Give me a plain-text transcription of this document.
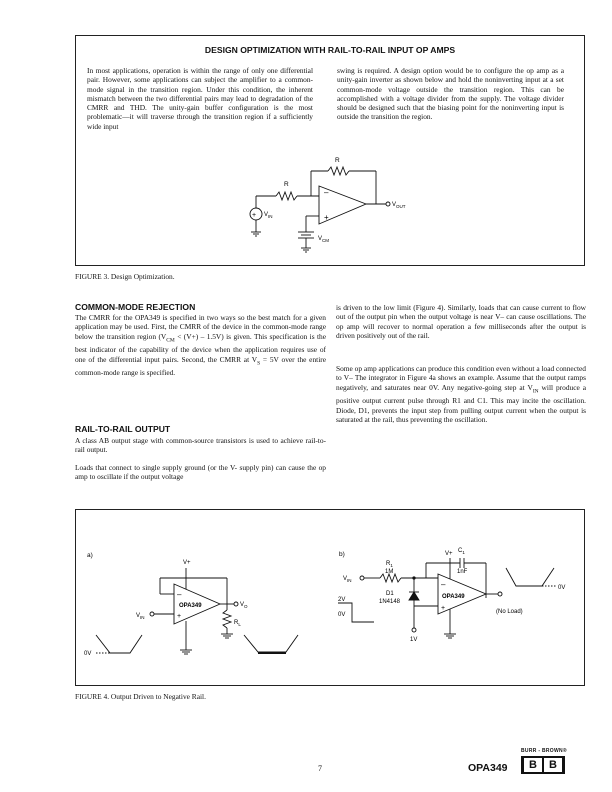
DESIGN OPTIMIZATION WITH RAIL-TO-RAIL INPUT OP AMPS

In most applications, operation is within the range of only one differential pair. However, some applications can subject the amplifier to a common-mode signal in the transition region. Under this condition, the inherent mismatch between the two differential pairs may lead to degradation of the CMRR and THD. The unity-gain buffer configuration is the most problematic—it will traverse through the transition region if a sufficiently wide input

swing is required. A design option would be to configure the op amp as a unity-gain inverter as shown below and hold the noninverting input at a set common-mode voltage outside the transition region. This can be accomplished with a voltage divider from the supply. The voltage divider should be designed such that the biasing point for the noninverting input is outside the transition the region.

+
R
R
–
+
$V_{IN}$
$V_{OUT}$
$V_{CM}$
FIGURE 3. Design Optimization.
COMMON-MODE REJECTION

The CMRR for the OPA349 is specified in two ways so the best match for a given application may be used. First, the CMRR of the device in the common-mode range below the transition region $(V_{CM} < (V+) - 1.5V)$ is given. This specification is the best indicator of the capability of the device when the application requires use of one of the differential input pairs. Second, the CMRR at $V_S = 5V$ over the entire common-mode range is specified.

RAIL-TO-RAIL OUTPUT

A class AB output stage with common-source transistors is used to achieve rail-to-rail output.

Loads that connect to single supply ground (or the V- supply pin) can cause the op amp to oscillate if the output voltage

is driven to the low limit (Figure 4). Similarly, loads that can cause current to flow out of the output pin when the output voltage is near V– can cause oscillations. The op amp will recover to normal operation a few milliseconds after the output is driven positively out of the rail.

Some op amp applications can produce this condition even without a load connected to V– The integrator in Figure 4a shows an example. Assume that the output ramps negatively, and saturates near 0V. Any negative-going step at $V_{IN}$ will produce a positive output current pulse through R1 and C1. This may incite the oscillation. Diode, D1, prevents the input step from pulling output current when the output is saturated at the rail, thus preventing the oscillation.

a)
V+
–
+
OPA349
$V_{IN}$
$V_O$
$R_L$
0V
b)
$R_1$
1M
$C_1$
1nF
V+
$V_{IN}$
D1
1N4148
–
+
OPA349
2V
0V
1V
(No Load)
0V
FIGURE 4. Output Driven to Negative Rail.
7	OPA349
BURR - BROWN®
B	B
